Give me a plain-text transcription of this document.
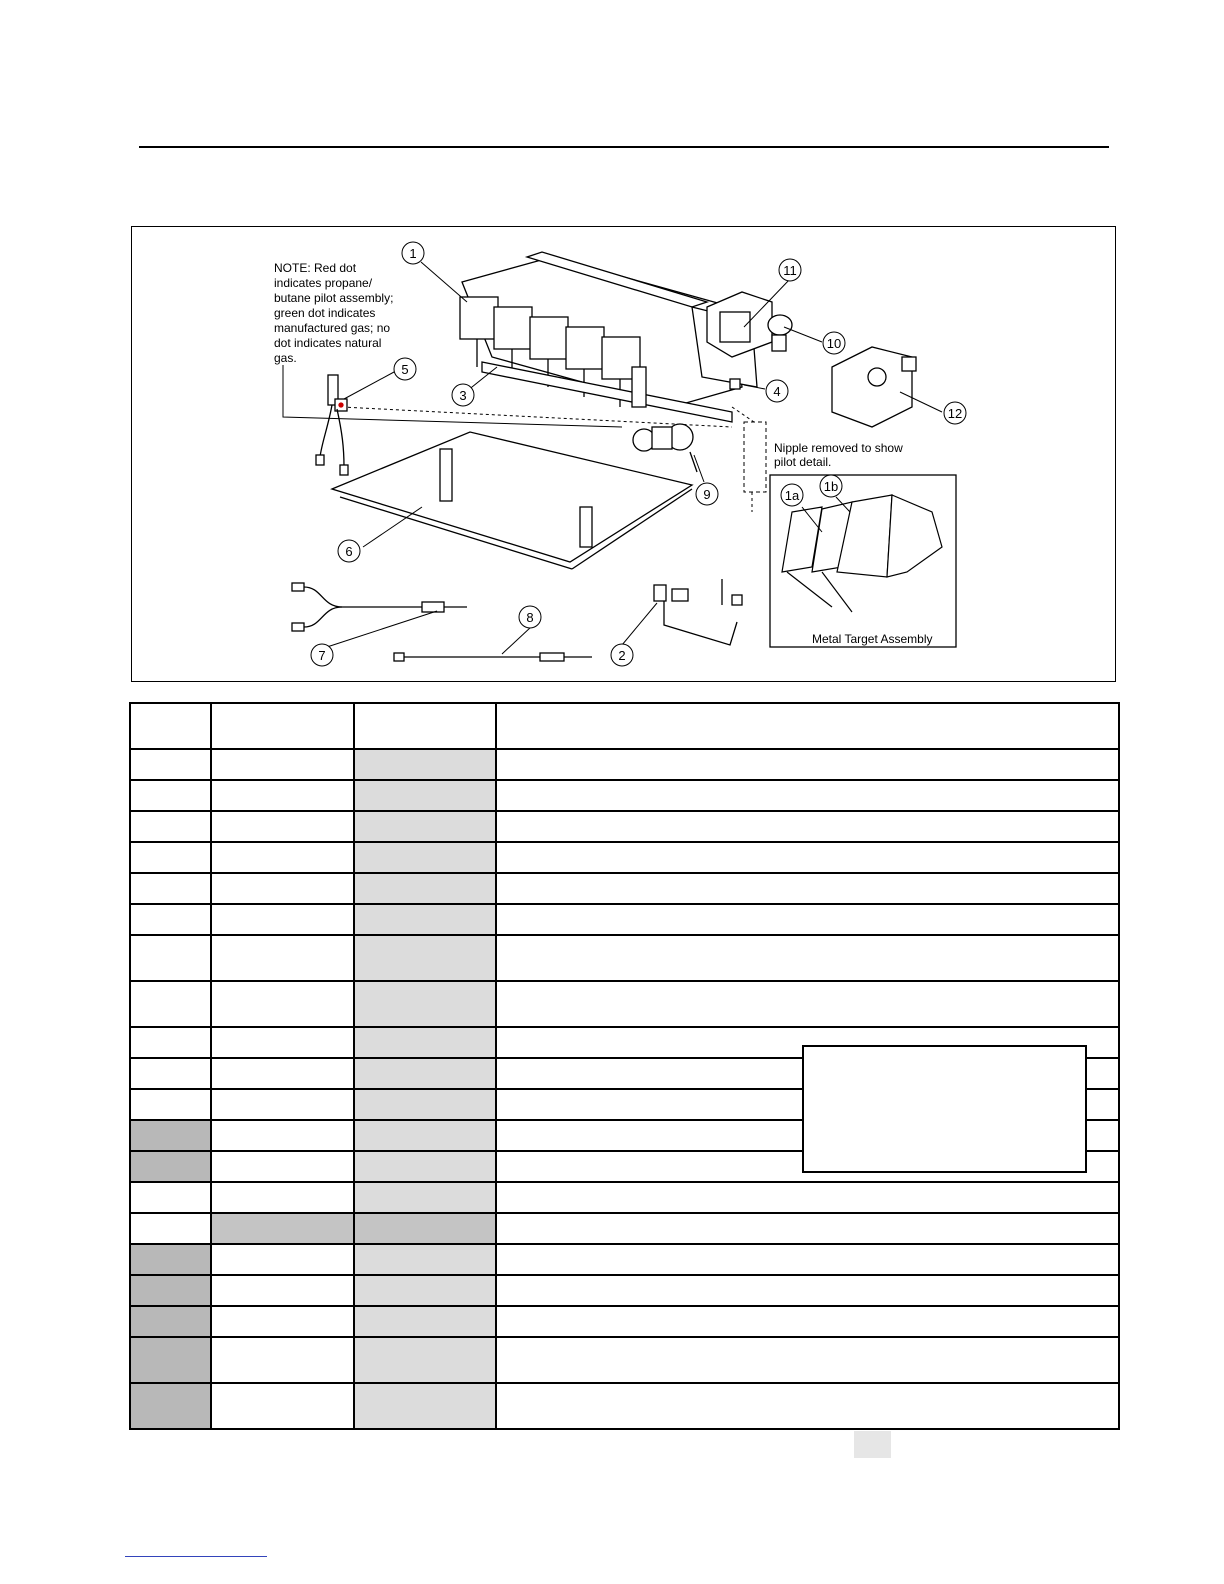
NOTE: Red dot
indicates propane/
butane pilot assembly;
green dot indicates
manufactured gas; no
dot indicates natural
gas.
Nipple removed to show
pilot detail.
Metal Target Assembly
1
1a
1b
2
3	4
5
6
7
8
9
10
11
12
